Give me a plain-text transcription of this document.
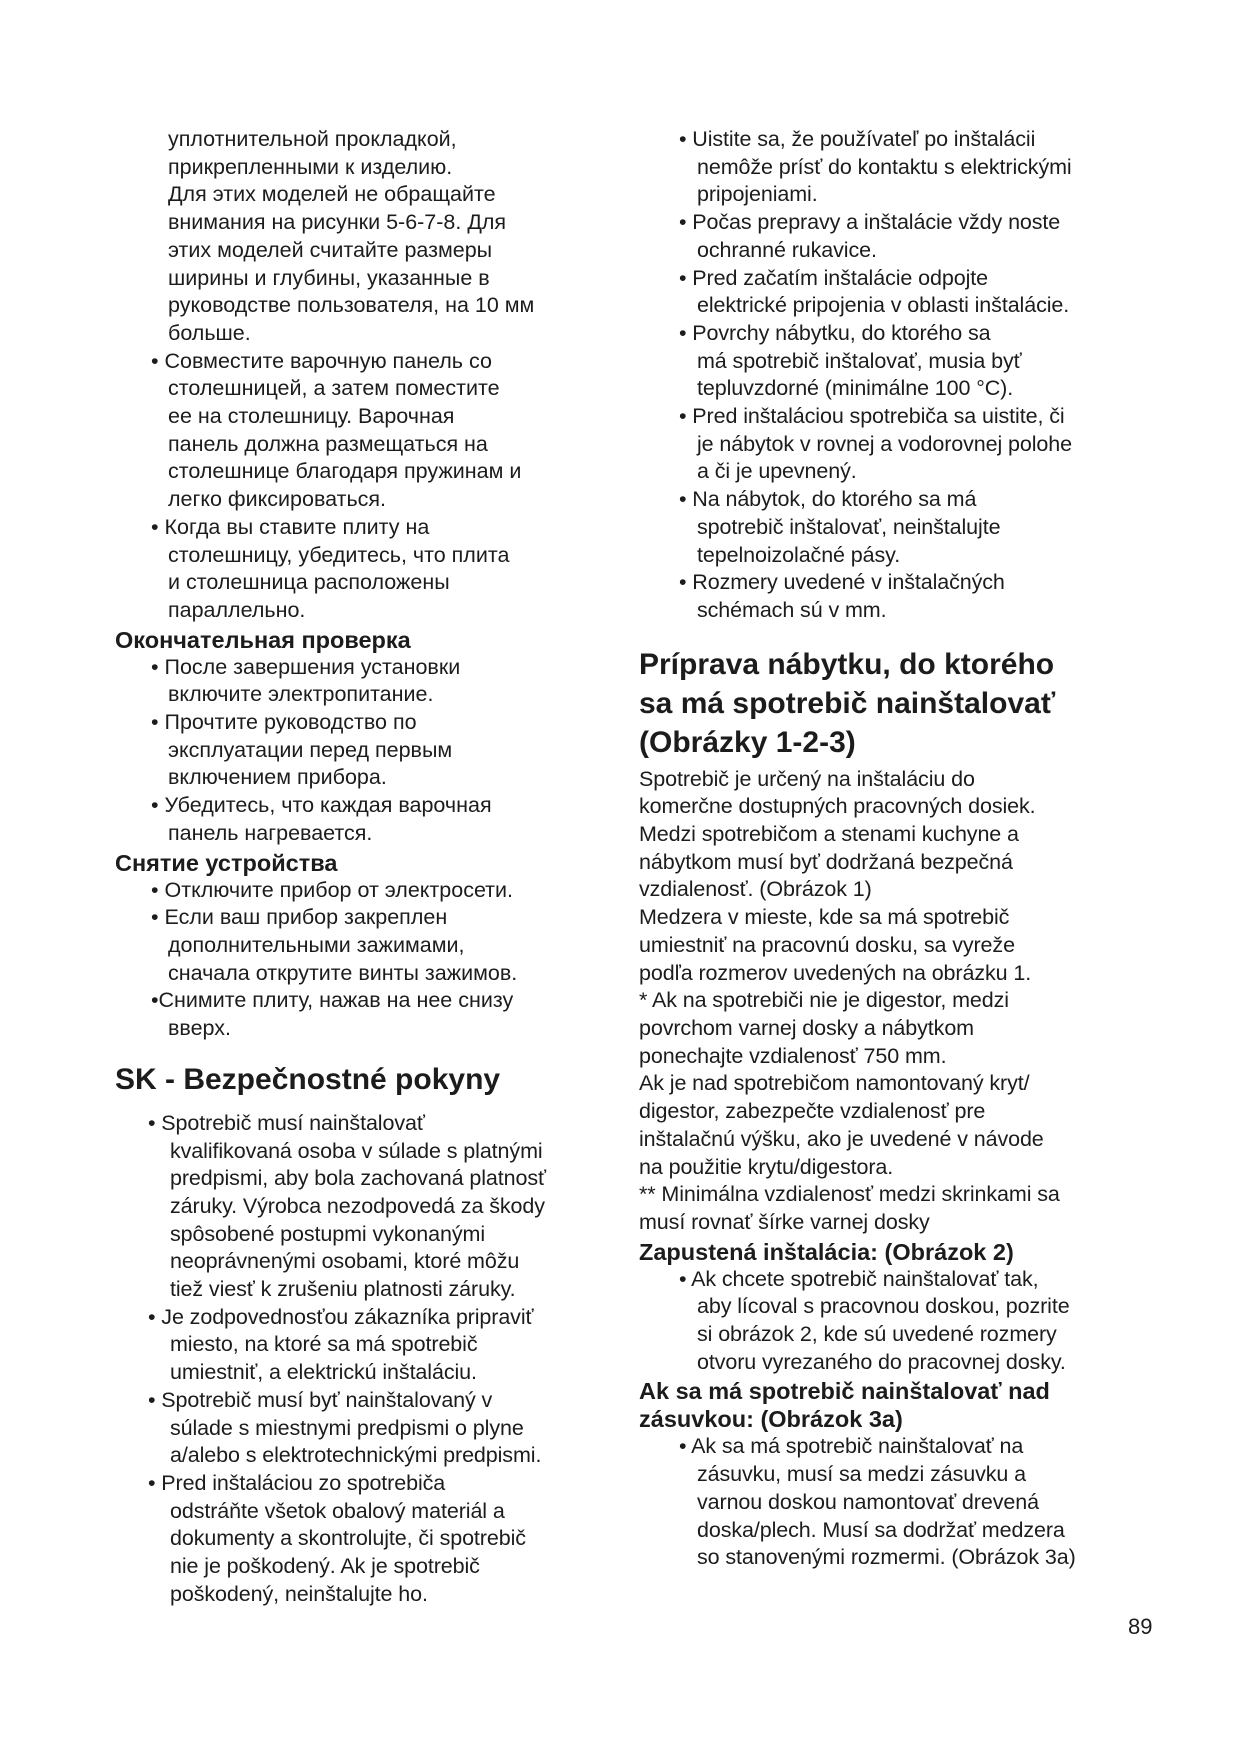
уплотнительной прокладкой,
прикрепленными к изделию.
Для этих моделей не обращайте
внимания на рисунки 5-6-7-8. Для
этих моделей считайте размеры
ширины и глубины, указанные в
руководстве пользователя, на 10 мм
больше.
• Совместите варочную панель со
столешницей, а затем поместите
ее на столешницу. Варочная
панель должна размещаться на
столешнице благодаря пружинам и
легко фиксироваться.
• Когда вы ставите плиту на
столешницу, убедитесь, что плита
и столешница расположены
параллельно.
Окончательная проверка
• После завершения установки
включите электропитание.
• Прочтите руководство по
эксплуатации перед первым
включением прибора.
• Убедитесь, что каждая варочная
панель нагревается.
Снятие устройства
• Отключите прибор от электросети.
• Если ваш прибор закреплен
дополнительными зажимами,
сначала открутите винты зажимов.
•Снимите плиту, нажав на нее снизу
вверх.
SK - Bezpečnostné pokyny
• Spotrebič musí nainštalovať
kvalifikovaná osoba v súlade s platnými
predpismi, aby bola zachovaná platnosť
záruky. Výrobca nezodpovedá za škody
spôsobené postupmi vykonanými
neoprávnenými osobami, ktoré môžu
tiež viesť k zrušeniu platnosti záruky.
• Je zodpovednosťou zákazníka pripraviť
miesto, na ktoré sa má spotrebič
umiestniť, a elektrickú inštaláciu.
• Spotrebič musí byť nainštalovaný v
súlade s miestnymi predpismi o plyne
a/alebo s elektrotechnickými predpismi.
• Pred inštaláciou zo spotrebiča
odstráňte všetok obalový materiál a
dokumenty a skontrolujte, či spotrebič
nie je poškodený. Ak je spotrebič
poškodený, neinštalujte ho.
• Uistite sa, že používateľ po inštalácii
nemôže prísť do kontaktu s elektrickými
pripojeniami.
• Počas prepravy a inštalácie vždy noste
ochranné rukavice.
• Pred začatím inštalácie odpojte
elektrické pripojenia v oblasti inštalácie.
• Povrchy nábytku, do ktorého sa
má spotrebič inštalovať, musia byť
tepluvzdorné (minimálne 100 °C).
• Pred inštaláciou spotrebiča sa uistite, či
je nábytok v rovnej a vodorovnej polohe
a či je upevnený.
• Na nábytok, do ktorého sa má
spotrebič inštalovať, neinštalujte
tepelnoizolačné pásy.
• Rozmery uvedené v inštalačných
schémach sú v mm.
Príprava nábytku, do ktorého
sa má spotrebič nainštalovať
(Obrázky 1-2-3)
Spotrebič je určený na inštaláciu do
komerčne dostupných pracovných dosiek.
Medzi spotrebičom a stenami kuchyne a
nábytkom musí byť dodržaná bezpečná
vzdialenosť. (Obrázok 1)
Medzera v mieste, kde sa má spotrebič
umiestniť na pracovnú dosku, sa vyreže
podľa rozmerov uvedených na obrázku 1.
* Ak na spotrebiči nie je digestor, medzi
povrchom varnej dosky a nábytkom
ponechajte vzdialenosť 750 mm.
Ak je nad spotrebičom namontovaný kryt/
digestor, zabezpečte vzdialenosť pre
inštalačnú výšku, ako je uvedené v návode
na použitie krytu/digestora.
** Minimálna vzdialenosť medzi skrinkami sa
musí rovnať šírke varnej dosky
Zapustená inštalácia: (Obrázok 2)
• Ak chcete spotrebič nainštalovať tak,
aby lícoval s pracovnou doskou, pozrite
si obrázok 2, kde sú uvedené rozmery
otvoru vyrezaného do pracovnej dosky.
Ak sa má spotrebič nainštalovať nad
zásuvkou: (Obrázok 3a)
• Ak sa má spotrebič nainštalovať na
zásuvku, musí sa medzi zásuvku a
varnou doskou namontovať drevená
doska/plech. Musí sa dodržať medzera
so stanovenými rozmermi. (Obrázok 3a)
89
